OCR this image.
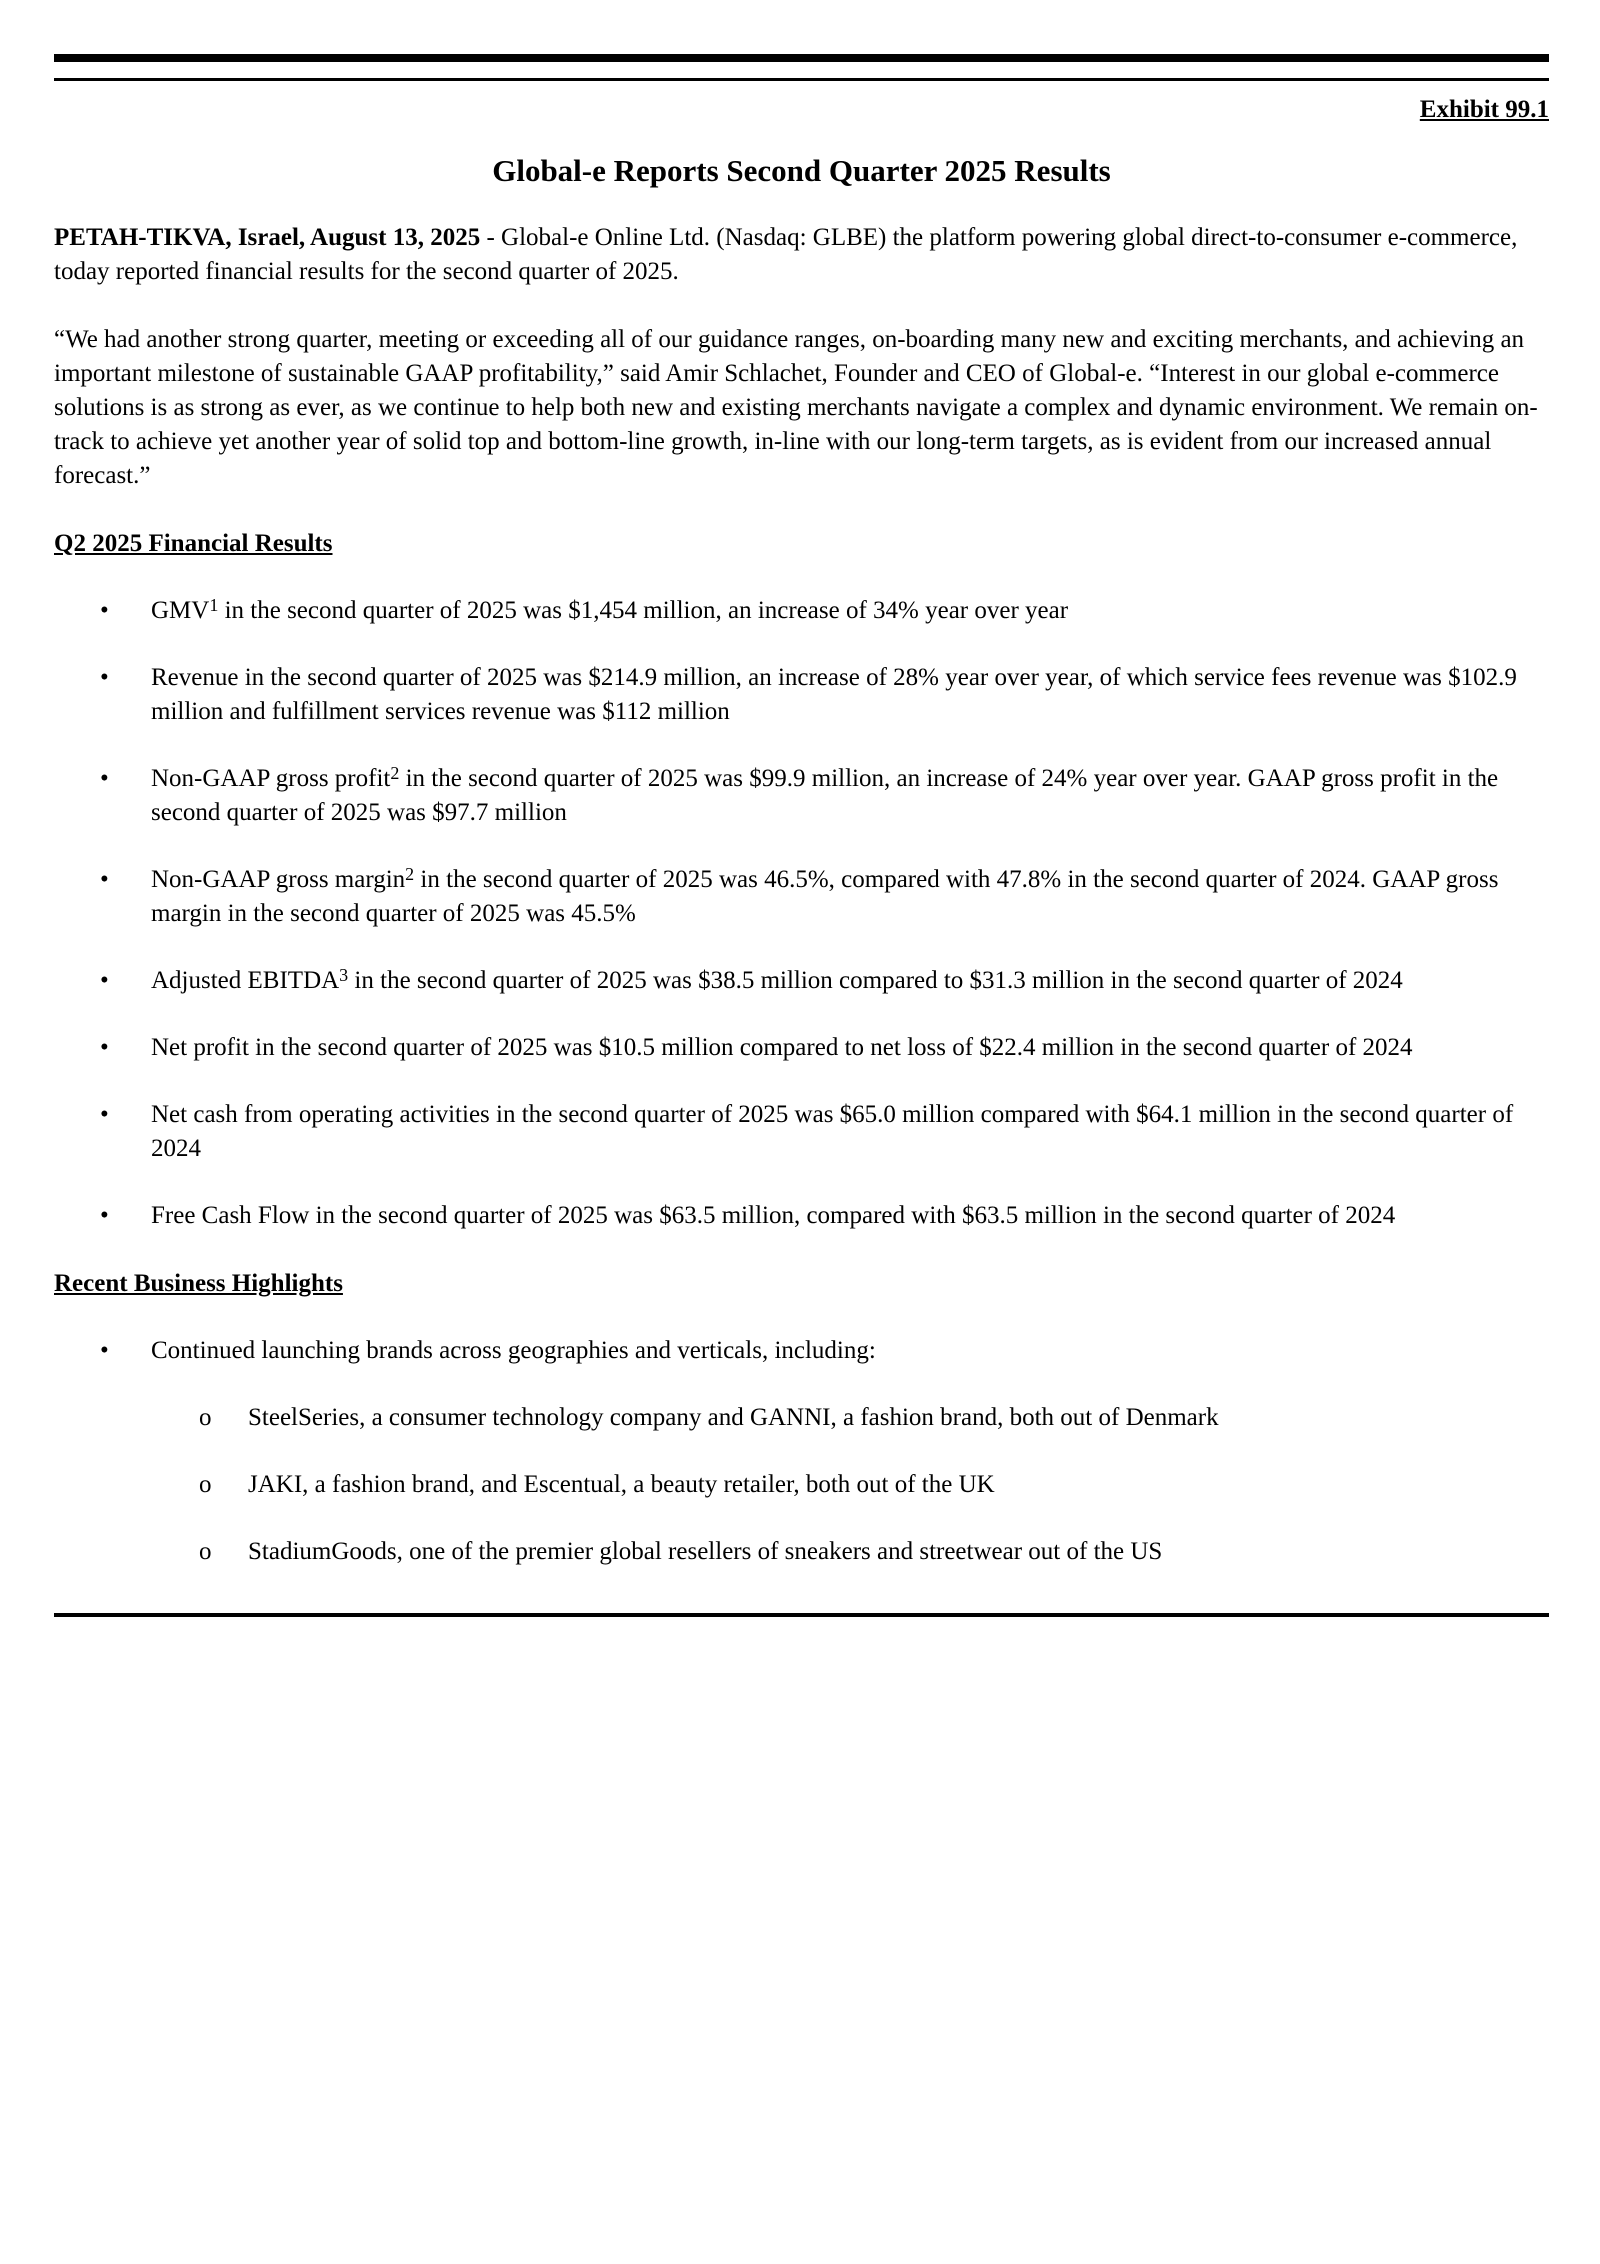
Exhibit 99.1
Global-e Reports Second Quarter 2025 Results

PETAH-TIKVA, Israel, August 13, 2025 - Global-e Online Ltd. (Nasdaq: GLBE) the platform powering global direct-to-consumer e-commerce, today reported financial results for the second quarter of 2025.

“We had another strong quarter, meeting or exceeding all of our guidance ranges, on-boarding many new and exciting merchants, and achieving an important milestone of sustainable GAAP profitability,” said Amir Schlachet, Founder and CEO of Global-e. “Interest in our global e-commerce solutions is as strong as ever, as we continue to help both new and existing merchants navigate a complex and dynamic environment. We remain on-track to achieve yet another year of solid top and bottom-line growth, in-line with our long-term targets, as is evident from our increased annual forecast.”

Q2 2025 Financial Results
• GMV$^1$ in the second quarter of 2025 was $1,454 million, an increase of 34% year over year
• Revenue in the second quarter of 2025 was $214.9 million, an increase of 28% year over year, of which service fees revenue was $102.9 million and fulfillment services revenue was $112 million
• Non-GAAP gross profit$^2$ in the second quarter of 2025 was $99.9 million, an increase of 24% year over year. GAAP gross profit in the second quarter of 2025 was $97.7 million
• Non-GAAP gross margin$^2$ in the second quarter of 2025 was 46.5%, compared with 47.8% in the second quarter of 2024. GAAP gross margin in the second quarter of 2025 was 45.5%
• Adjusted EBITDA$^3$ in the second quarter of 2025 was $38.5 million compared to $31.3 million in the second quarter of 2024
• Net profit in the second quarter of 2025 was $10.5 million compared to net loss of $22.4 million in the second quarter of 2024
• Net cash from operating activities in the second quarter of 2025 was $65.0 million compared with $64.1 million in the second quarter of 2024
• Free Cash Flow in the second quarter of 2025 was $63.5 million, compared with $63.5 million in the second quarter of 2024
Recent Business Highlights
• Continued launching brands across geographies and verticals, including:
o SteelSeries, a consumer technology company and GANNI, a fashion brand, both out of Denmark
o JAKI, a fashion brand, and Escentual, a beauty retailer, both out of the UK
o StadiumGoods, one of the premier global resellers of sneakers and streetwear out of the US
